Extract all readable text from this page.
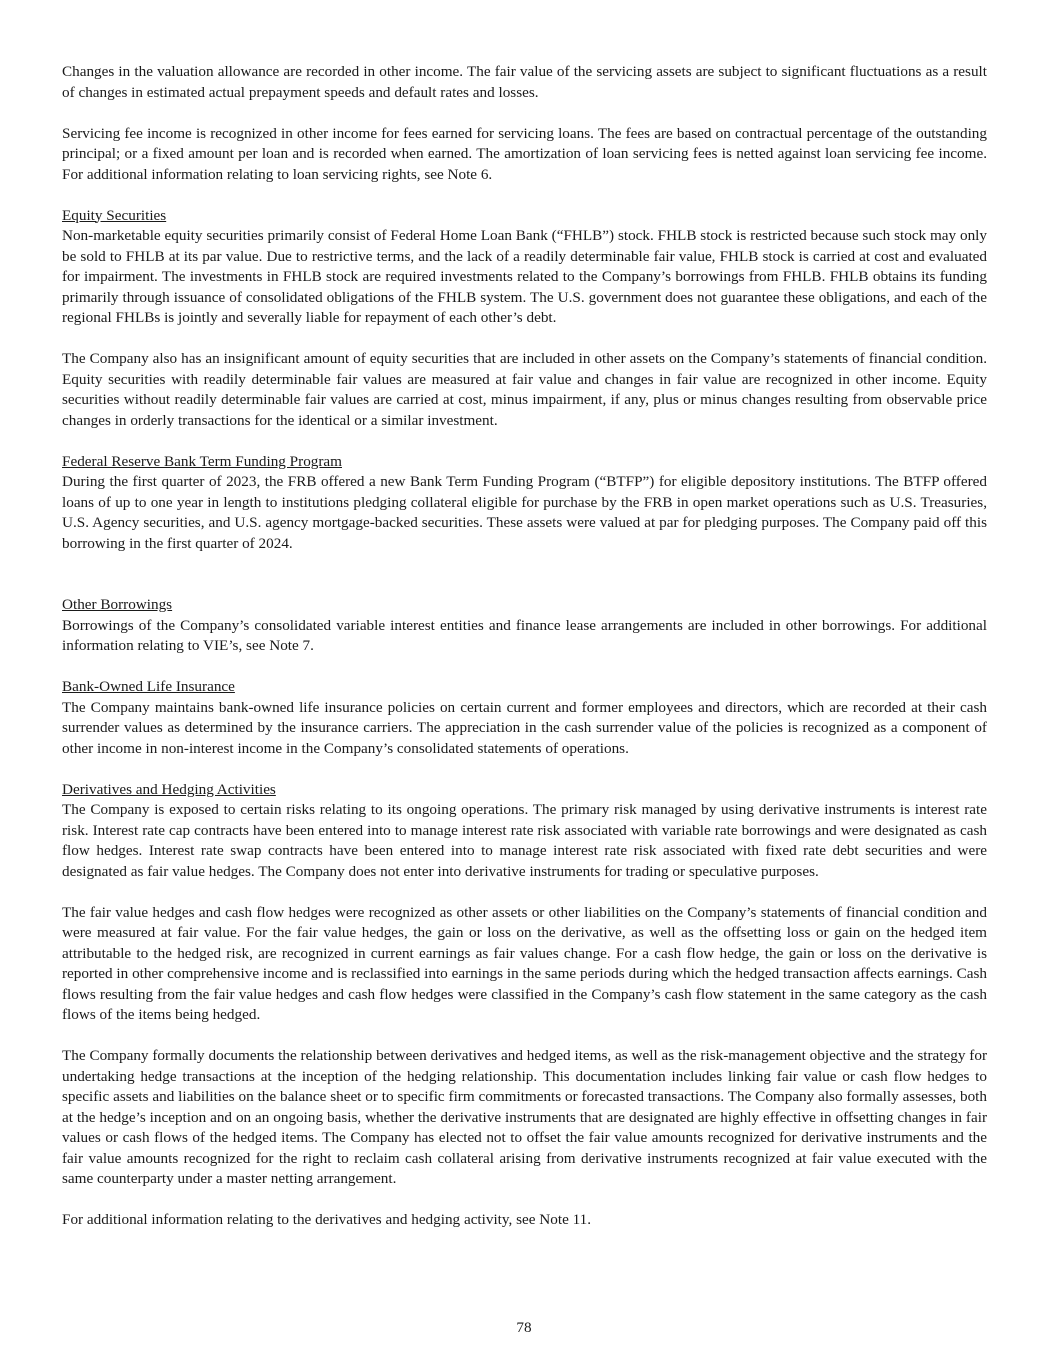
Changes in the valuation allowance are recorded in other income. The fair value of the servicing assets are subject to significant fluctuations as a result of changes in estimated actual prepayment speeds and default rates and losses.

Servicing fee income is recognized in other income for fees earned for servicing loans. The fees are based on contractual percentage of the outstanding principal; or a fixed amount per loan and is recorded when earned. The amortization of loan servicing fees is netted against loan servicing fee income. For additional information relating to loan servicing rights, see Note 6.

Equity Securities

Non-marketable equity securities primarily consist of Federal Home Loan Bank (“FHLB”) stock. FHLB stock is restricted because such stock may only be sold to FHLB at its par value. Due to restrictive terms, and the lack of a readily determinable fair value, FHLB stock is carried at cost and evaluated for impairment. The investments in FHLB stock are required investments related to the Company’s borrowings from FHLB. FHLB obtains its funding primarily through issuance of consolidated obligations of the FHLB system. The U.S. government does not guarantee these obligations, and each of the regional FHLBs is jointly and severally liable for repayment of each other’s debt.

The Company also has an insignificant amount of equity securities that are included in other assets on the Company’s statements of financial condition. Equity securities with readily determinable fair values are measured at fair value and changes in fair value are recognized in other income. Equity securities without readily determinable fair values are carried at cost, minus impairment, if any, plus or minus changes resulting from observable price changes in orderly transactions for the identical or a similar investment.

Federal Reserve Bank Term Funding Program

During the first quarter of 2023, the FRB offered a new Bank Term Funding Program (“BTFP”) for eligible depository institutions. The BTFP offered loans of up to one year in length to institutions pledging collateral eligible for purchase by the FRB in open market operations such as U.S. Treasuries, U.S. Agency securities, and U.S. agency mortgage-backed securities. These assets were valued at par for pledging purposes. The Company paid off this borrowing in the first quarter of 2024.

Other Borrowings

Borrowings of the Company’s consolidated variable interest entities and finance lease arrangements are included in other borrowings. For additional information relating to VIE’s, see Note 7.

Bank-Owned Life Insurance

The Company maintains bank-owned life insurance policies on certain current and former employees and directors, which are recorded at their cash surrender values as determined by the insurance carriers. The appreciation in the cash surrender value of the policies is recognized as a component of other income in non-interest income in the Company’s consolidated statements of operations.

Derivatives and Hedging Activities

The Company is exposed to certain risks relating to its ongoing operations. The primary risk managed by using derivative instruments is interest rate risk. Interest rate cap contracts have been entered into to manage interest rate risk associated with variable rate borrowings and were designated as cash flow hedges. Interest rate swap contracts have been entered into to manage interest rate risk associated with fixed rate debt securities and were designated as fair value hedges. The Company does not enter into derivative instruments for trading or speculative purposes.

The fair value hedges and cash flow hedges were recognized as other assets or other liabilities on the Company’s statements of financial condition and were measured at fair value. For the fair value hedges, the gain or loss on the derivative, as well as the offsetting loss or gain on the hedged item attributable to the hedged risk, are recognized in current earnings as fair values change. For a cash flow hedge, the gain or loss on the derivative is reported in other comprehensive income and is reclassified into earnings in the same periods during which the hedged transaction affects earnings. Cash flows resulting from the fair value hedges and cash flow hedges were classified in the Company’s cash flow statement in the same category as the cash flows of the items being hedged.

The Company formally documents the relationship between derivatives and hedged items, as well as the risk-management objective and the strategy for undertaking hedge transactions at the inception of the hedging relationship. This documentation includes linking fair value or cash flow hedges to specific assets and liabilities on the balance sheet or to specific firm commitments or forecasted transactions. The Company also formally assesses, both at the hedge’s inception and on an ongoing basis, whether the derivative instruments that are designated are highly effective in offsetting changes in fair values or cash flows of the hedged items. The Company has elected not to offset the fair value amounts recognized for derivative instruments and the fair value amounts recognized for the right to reclaim cash collateral arising from derivative instruments recognized at fair value executed with the same counterparty under a master netting arrangement.

For additional information relating to the derivatives and hedging activity, see Note 11.

78
